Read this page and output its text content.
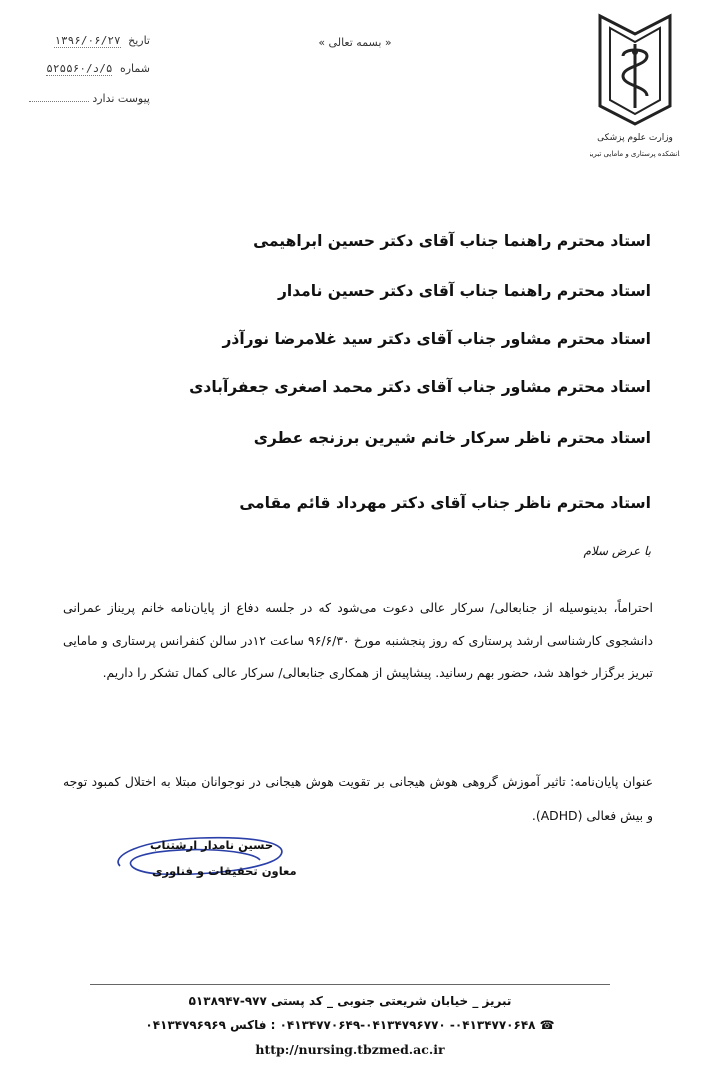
تاریخ ۱۳۹۶/۰۶/۲۷
شماره ۵/د/۵۲۵۵۶۰
پیوست ندارد
« بسمه تعالی »
وزارت علوم پزشکی
دانشکده پرستاری و مامایی تبریز
استاد محترم راهنما جناب آقای دکتر حسین ابراهیمی
استاد محترم راهنما جناب آقای دکتر حسین نامدار
استاد محترم مشاور جناب آقای دکتر سید غلامرضا نورآذر
استاد محترم مشاور جناب آقای دکتر محمد اصغری جعفرآبادی
استاد محترم ناظر سرکار خانم شیرین برزنجه عطری
استاد محترم ناظر جناب آقای دکتر مهرداد قائم مقامی
با عرض سلام
احتراماً، بدینوسیله از جنابعالی/ سرکار عالی دعوت می‌شود که در جلسه دفاع از پایان‌نامه خانم پریناز عمرانی دانشجوی کارشناسی ارشد پرستاری که روز پنجشنبه مورخ ۹۶/۶/۳۰ ساعت ۱۲در سالن کنفرانس پرستاری و مامایی تبریز برگزار خواهد شد، حضور بهم رسانید. پیشاپیش از همکاری جنابعالی/ سرکار عالی کمال تشکر را داریم.
عنوان پایان‌نامه: تاثیر آموزش گروهی هوش هیجانی بر تقویت هوش هیجانی در نوجوانان مبتلا به اختلال کمبود توجه و بیش فعالی (ADHD).
حسین نامدار ارشتناب
معاون تحقیقات و فناوری
تبریز _ خیابان شریعتی جنوبی _ کد پستی ۹۷۷-۵۱۳۸۹۴۷
☎ ۰۴۱۳۴۷۷۰۶۴۸- ۰۴۱۳۴۷۷۰۶۴۹-۰۴۱۳۴۷۹۶۷۷۰ : فاکس ۰۴۱۳۴۷۹۶۹۶۹
http://nursing.tbzmed.ac.ir
